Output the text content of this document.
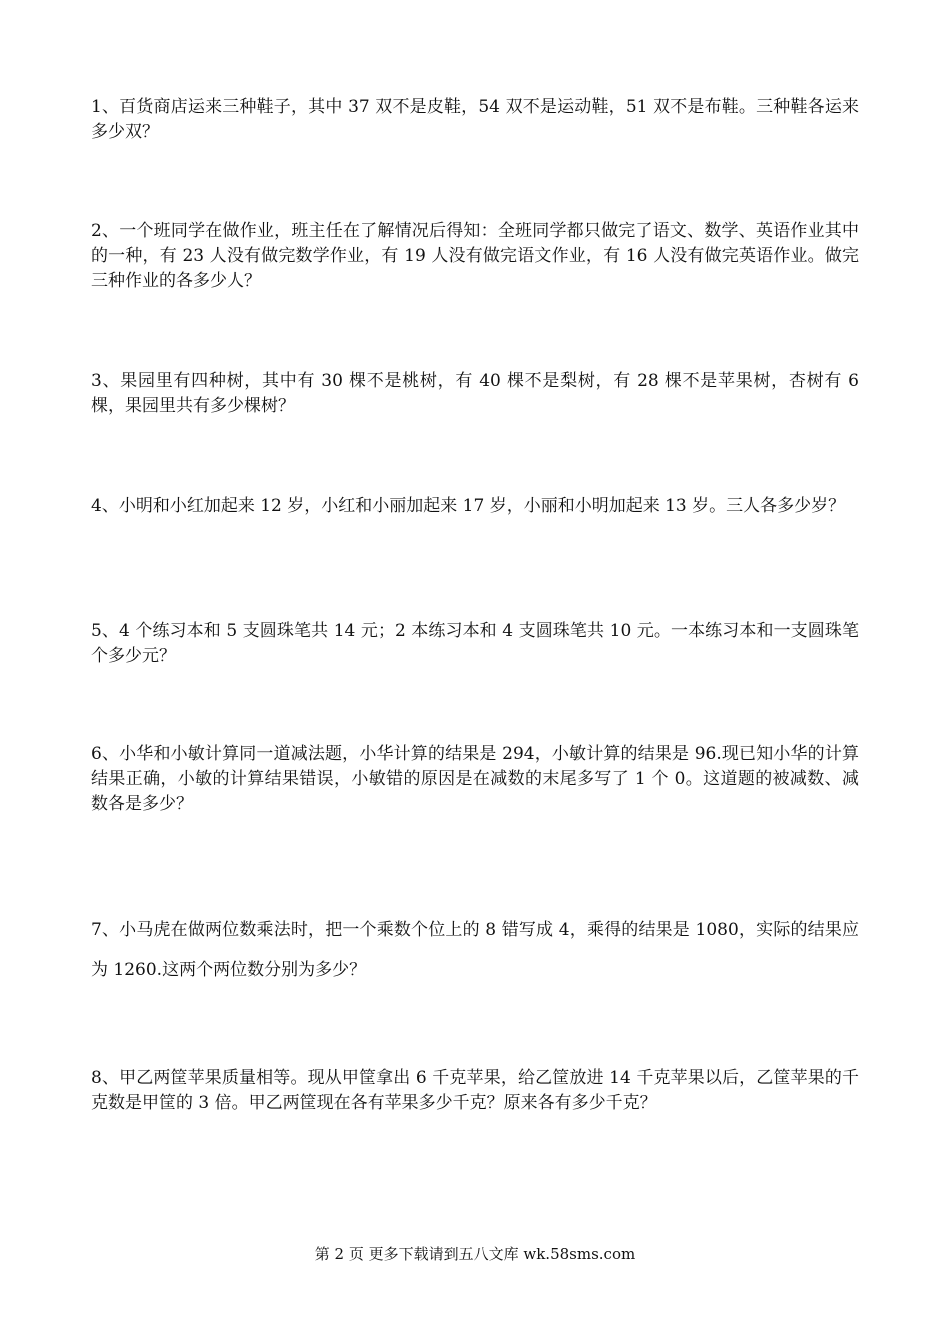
1、百货商店运来三种鞋子，其中 37 双不是皮鞋，54 双不是运动鞋，51 双不是布鞋。三种鞋各运来多少双？

2、一个班同学在做作业，班主任在了解情况后得知：全班同学都只做完了语文、数学、英语作业其中的一种，有 23 人没有做完数学作业，有 19 人没有做完语文作业，有 16 人没有做完英语作业。做完三种作业的各多少人？

3、果园里有四种树，其中有 30 棵不是桃树，有 40 棵不是梨树，有 28 棵不是苹果树，杏树有 6 棵，果园里共有多少棵树？

4、小明和小红加起来 12 岁，小红和小丽加起来 17 岁，小丽和小明加起来 13 岁。三人各多少岁？

5、4 个练习本和 5 支圆珠笔共 14 元；2 本练习本和 4 支圆珠笔共 10 元。一本练习本和一支圆珠笔个多少元？

6、小华和小敏计算同一道减法题，小华计算的结果是 294，小敏计算的结果是 96.现已知小华的计算结果正确，小敏的计算结果错误，小敏错的原因是在减数的末尾多写了 1 个 0。这道题的被减数、减数各是多少？

7、小马虎在做两位数乘法时，把一个乘数个位上的 8 错写成 4，乘得的结果是 1080，实际的结果应为 1260.这两个两位数分别为多少？

8、甲乙两筐苹果质量相等。现从甲筐拿出 6 千克苹果，给乙筐放进 14 千克苹果以后，乙筐苹果的千克数是甲筐的 3 倍。甲乙两筐现在各有苹果多少千克？原来各有多少千克？

第 2 页 更多下载请到五八文库 wk.58sms.com
